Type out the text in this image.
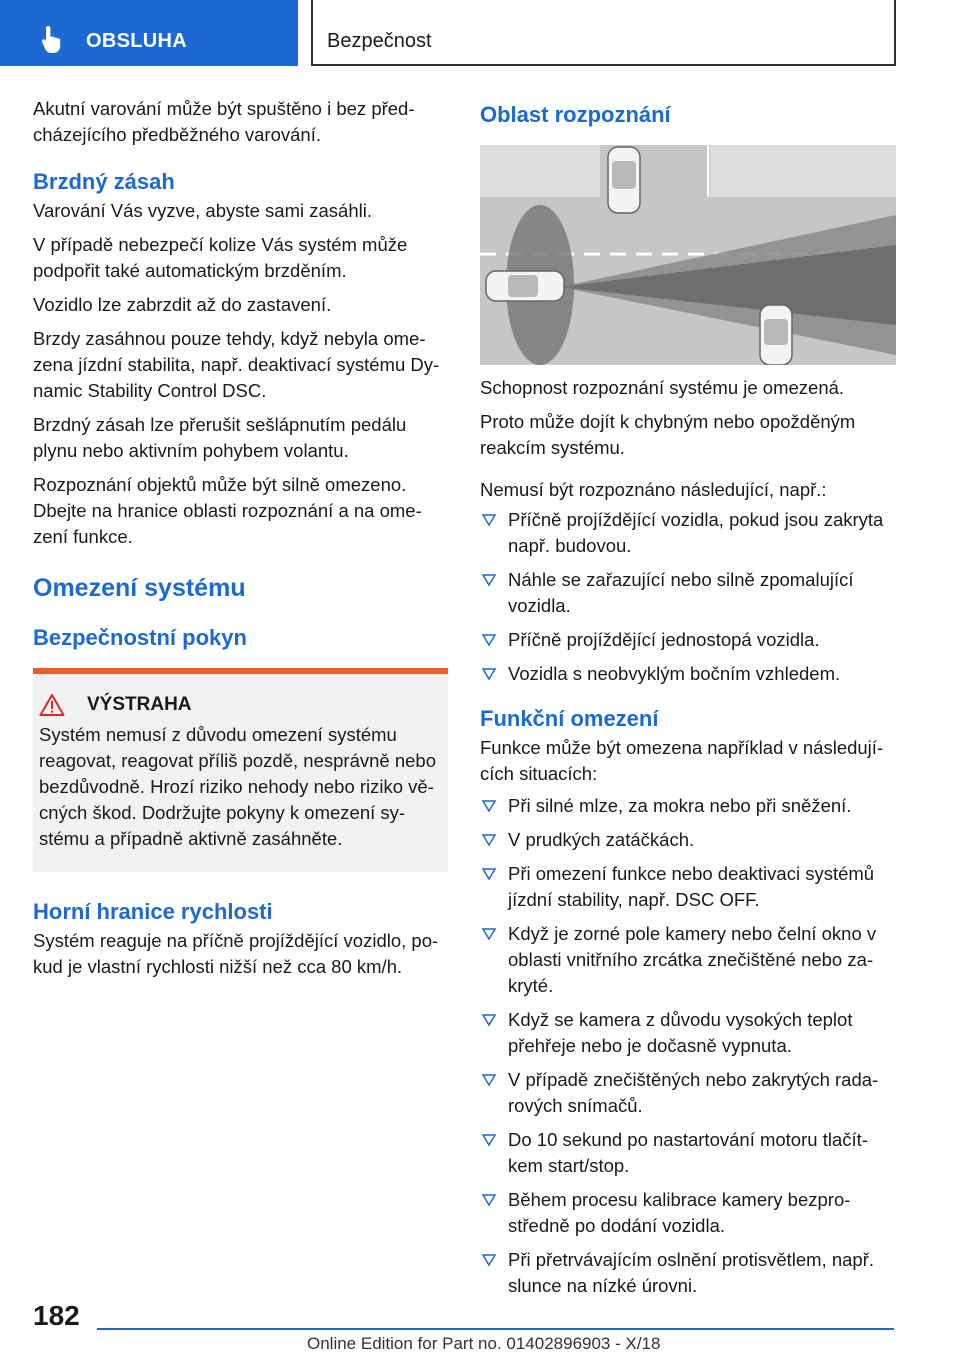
OBSLUHA	Bezpečnost

Akutní varování může být spuštěno i bez předcházejícího předběžného varování.

Brzdný zásah

Varování Vás vyzve, abyste sami zasáhli.

V případě nebezpečí kolize Vás systém může podpořit také automatickým brzděním.

Vozidlo lze zabrzdit až do zastavení.

Brzdy zasáhnou pouze tehdy, když nebyla omezena jízdní stabilita, např. deaktivací systému Dynamic Stability Control DSC.

Brzdný zásah lze přerušit sešlápnutím pedálu plynu nebo aktivním pohybem volantu.

Rozpoznání objektů může být silně omezeno. Dbejte na hranice oblasti rozpoznání a na omezení funkce.

Omezení systému
Bezpečnostní pokyn
VÝSTRAHA
Systém nemusí z důvodu omezení systému reagovat, reagovat příliš pozdě, nesprávně nebo bezdůvodně. Hrozí riziko nehody nebo riziko věcných škod. Dodržujte pokyny k omezení systému a případně aktivně zasáhněte.
Horní hranice rychlosti

Systém reaguje na příčně projíždějící vozidlo, pokud je vlastní rychlosti nižší než cca 80 km/h.

Oblast rozpoznání

Schopnost rozpoznání systému je omezená.

Proto může dojít k chybným nebo opožděným reakcím systému.

Nemusí být rozpoznáno následující, např.:

Příčně projíždějící vozidla, pokud jsou zakryta např. budovou.
Náhle se zařazující nebo silně zpomalující vozidla.
Příčně projíždějící jednostopá vozidla.
Vozidla s neobvyklým bočním vzhledem.
Funkční omezení

Funkce může být omezena například v následujících situacích:

Při silné mlze, za mokra nebo při sněžení.
V prudkých zatáčkách.
Při omezení funkce nebo deaktivaci systémů jízdní stability, např. DSC OFF.
Když je zorné pole kamery nebo čelní okno v oblasti vnitřního zrcátka znečištěné nebo zakryté.
Když se kamera z důvodu vysokých teplot přehřeje nebo je dočasně vypnuta.
V případě znečištěných nebo zakrytých radarových snímačů.
Do 10 sekund po nastartování motoru tlačítkem start/stop.
Během procesu kalibrace kamery bezprostředně po dodání vozidla.
Při přetrvávajícím oslnění protisvětlem, např. slunce na nízké úrovni.
182
Online Edition for Part no. 01402896903 - X/18
